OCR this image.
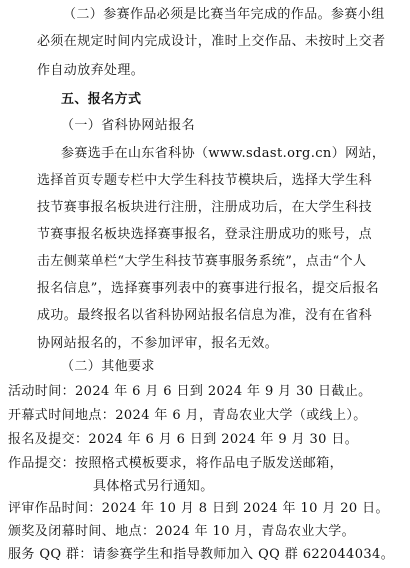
（二）参赛作品必须是比赛当年完成的作品。参赛小组
必须在规定时间内完成设计，准时上交作品、未按时上交者
作自动放弃处理。
五、报名方式
（一）省科协网站报名
参赛选手在山东省科协（www.sdast.org.cn）网站，
选择首页专题专栏中大学生科技节模块后，选择大学生科
技节赛事报名板块进行注册，注册成功后，在大学生科技
节赛事报名板块选择赛事报名，登录注册成功的账号，点
击左侧菜单栏“大学生科技节赛事服务系统”，点击“个人
报名信息”，选择赛事列表中的赛事进行报名，提交后报名
成功。最终报名以省科协网站报名信息为准，没有在省科
协网站报名的，不参加评审，报名无效。
（二）其他要求
活动时间：2024 年 6 月 6 日到 2024 年 9 月 30 日截止。
开幕式时间地点：2024 年 6 月，青岛农业大学（或线上）。
报名及提交：2024 年 6 月 6 日到 2024 年 9 月 30 日。
作品提交：按照格式模板要求，将作品电子版发送邮箱，
具体格式另行通知。
评审作品时间：2024 年 10 月 8 日到 2024 年 10 月 20 日。
颁奖及闭幕时间、地点：2024 年 10 月，青岛农业大学。
服务 QQ 群：请参赛学生和指导教师加入 QQ 群 622044034。
